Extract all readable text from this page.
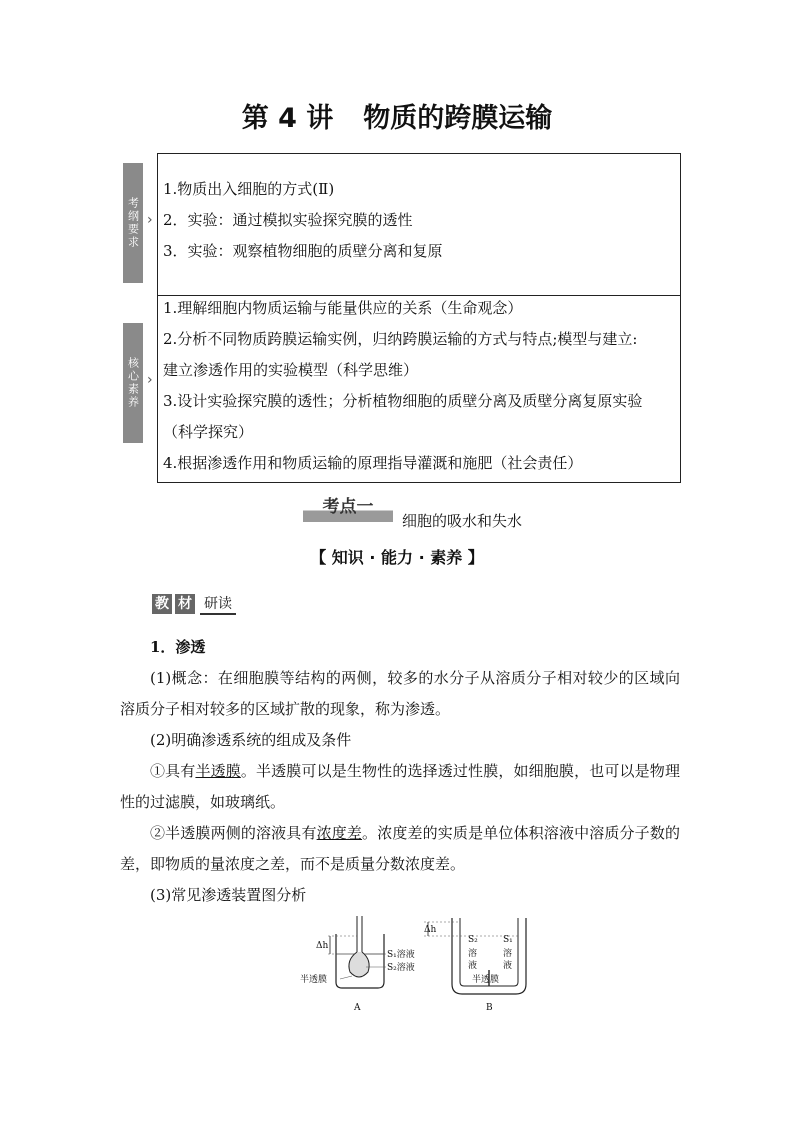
第 4 讲 物质的跨膜运输
考纲要求 ›
核心素养 ›
1.物质出入细胞的方式(Ⅱ)
2．实验：通过模拟实验探究膜的透性
3．实验：观察植物细胞的质壁分离和复原
1.理解细胞内物质运输与能量供应的关系（生命观念）
2.分析不同物质跨膜运输实例，归纳跨膜运输的方式与特点;模型与建立:
建立渗透作用的实验模型（科学思维）
3.设计实验探究膜的透性；分析植物细胞的质壁分离及质壁分离复原实验
（科学探究）
4.根据渗透作用和物质运输的原理指导灌溉和施肥（社会责任）
考点一
细胞的吸水和失水
【 知识 · 能力 · 素养 】
教 材 研读

1．渗透

(1)概念：在细胞膜等结构的两侧，较多的水分子从溶质分子相对较少的区域向溶质分子相对较多的区域扩散的现象，称为渗透。

(2)明确渗透系统的组成及条件

①具有半透膜。半透膜可以是生物性的选择透过性膜，如细胞膜，也可以是物理性的过滤膜，如玻璃纸。

②半透膜两侧的溶液具有浓度差。浓度差的实质是单位体积溶液中溶质分子数的差，即物质的量浓度之差，而不是质量分数浓度差。

(3)常见渗透装置图分析

Δh
S₁溶液
S₂溶液
半透膜
A
Δh
S₂	S₁
溶
液
溶
液
半透膜
B
